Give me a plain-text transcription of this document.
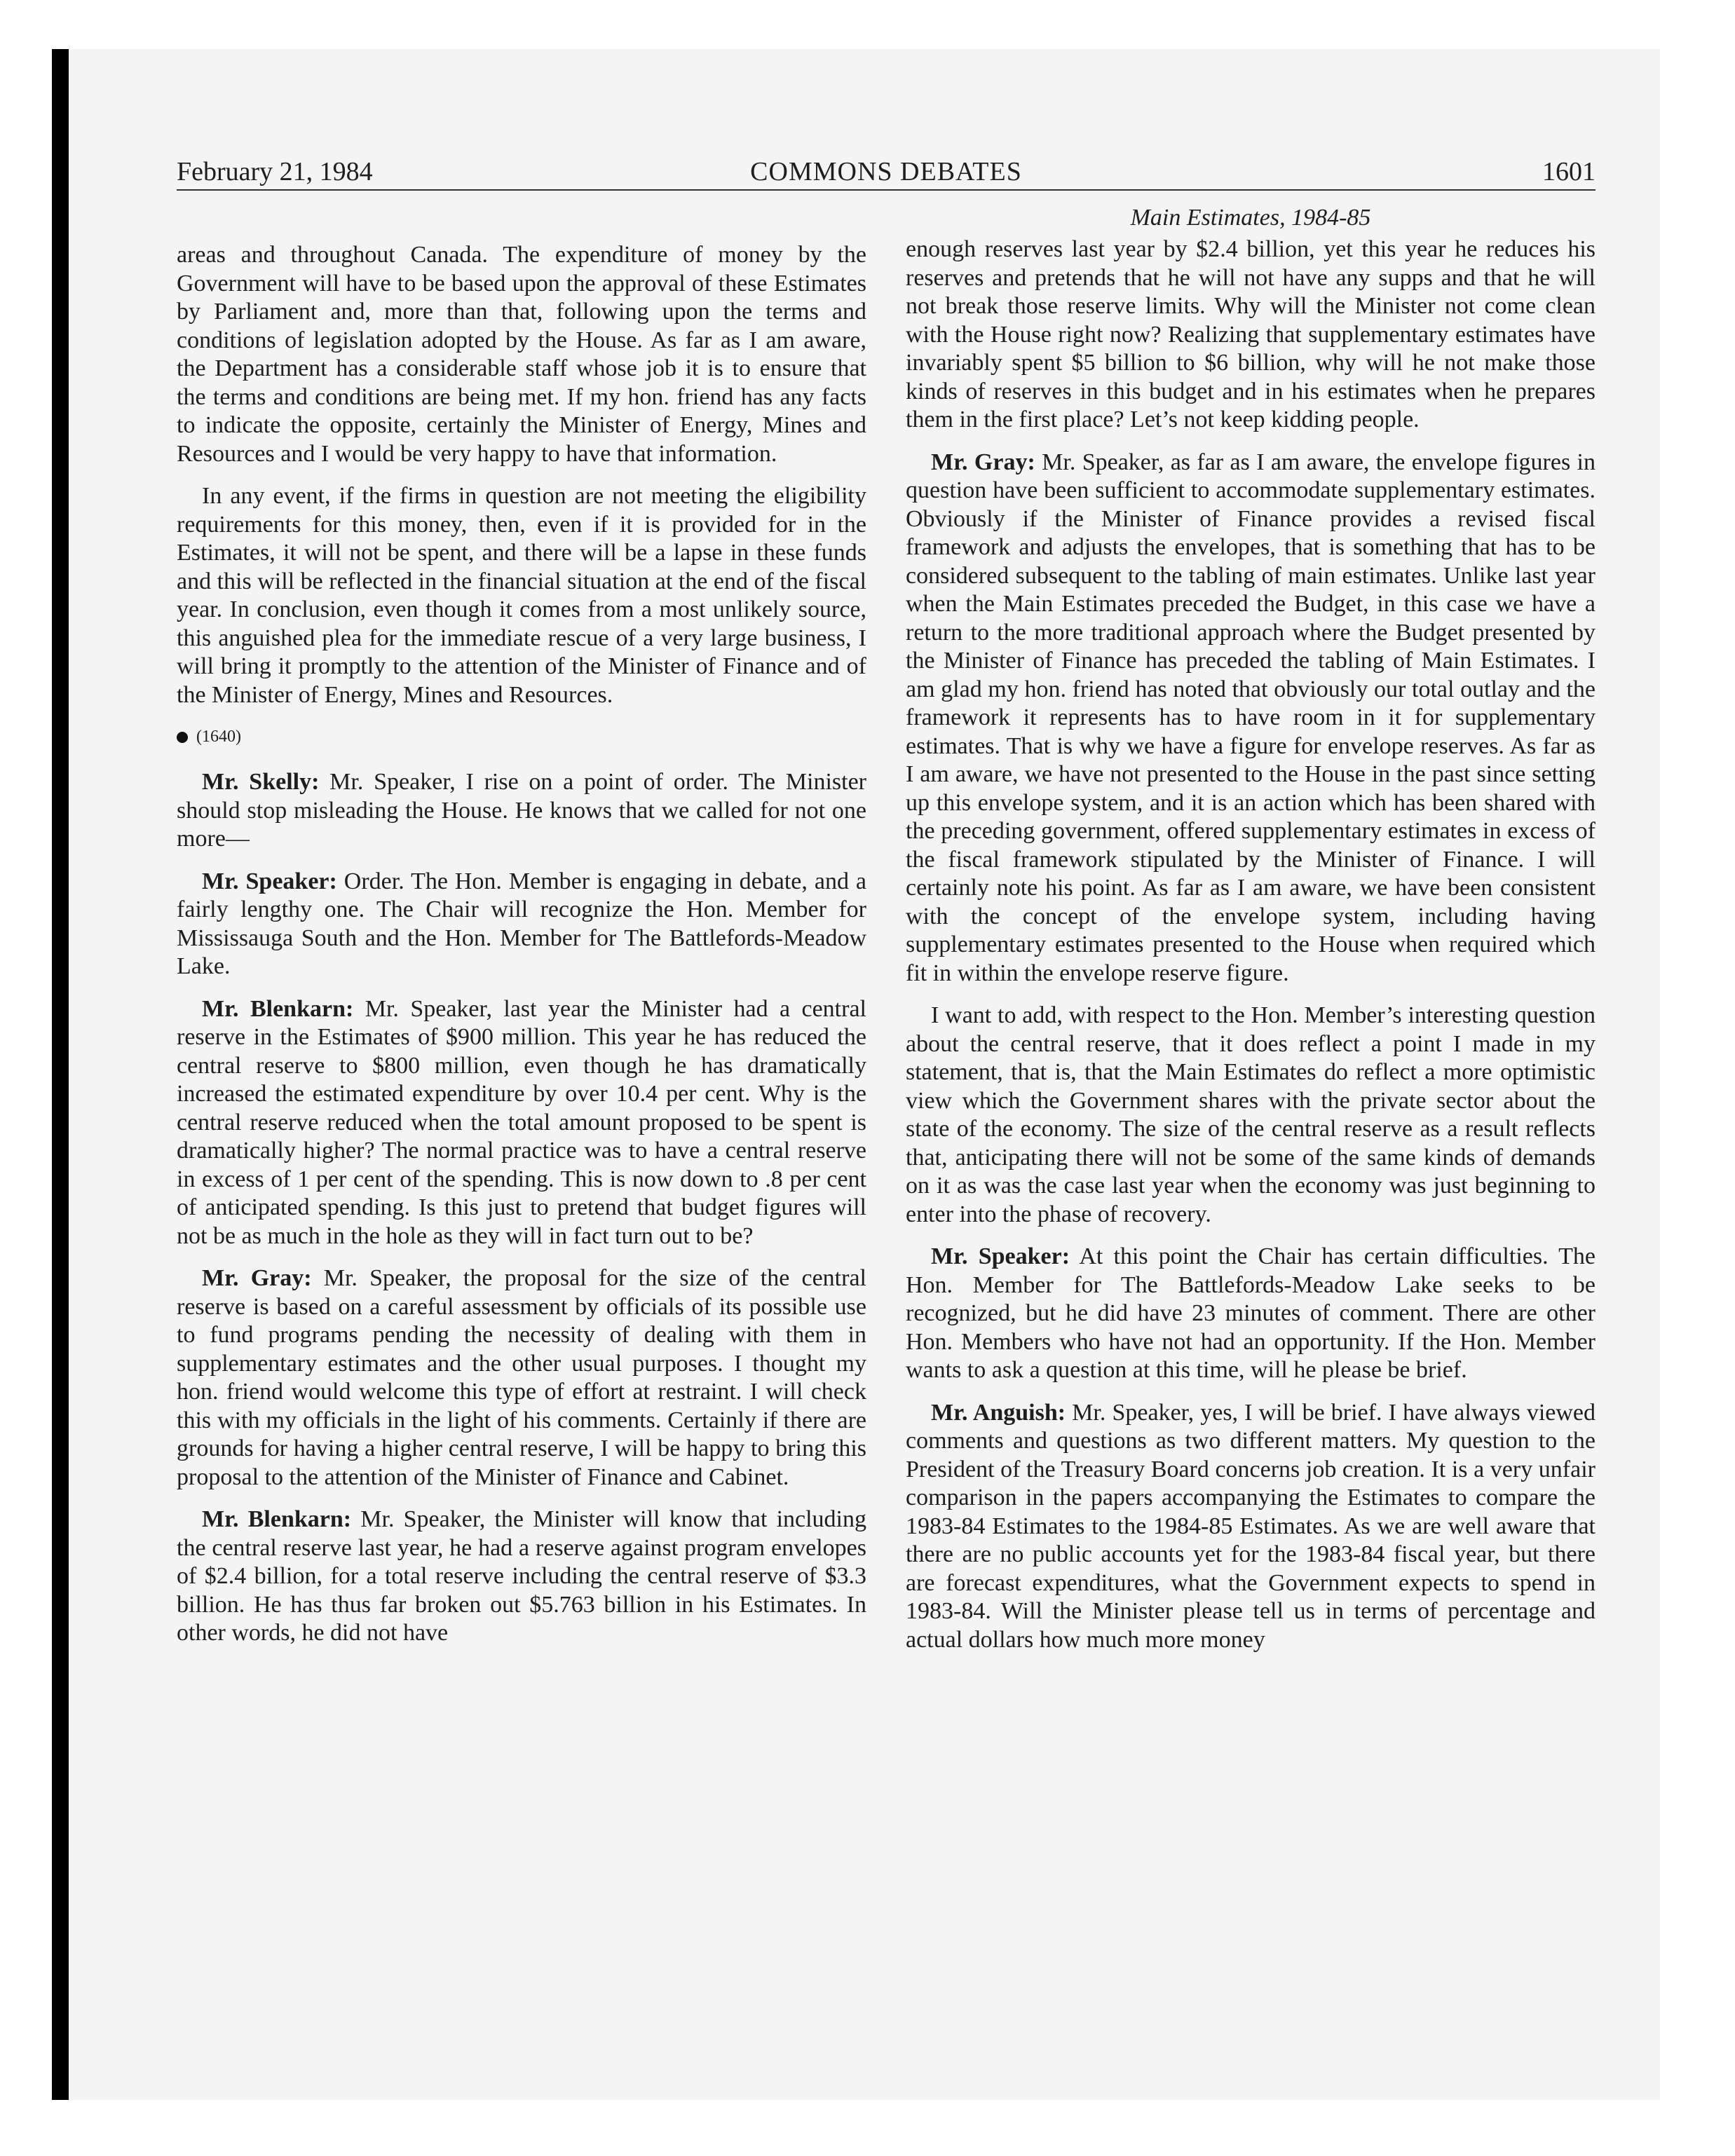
February 21, 1984	COMMONS DEBATES	1601

areas and throughout Canada. The expenditure of money by the Government will have to be based upon the approval of these Estimates by Parliament and, more than that, following upon the terms and conditions of legislation adopted by the House. As far as I am aware, the Department has a considerable staff whose job it is to ensure that the terms and conditions are being met. If my hon. friend has any facts to indicate the opposite, certainly the Minister of Energy, Mines and Resources and I would be very happy to have that information.

In any event, if the firms in question are not meeting the eligibility requirements for this money, then, even if it is provided for in the Estimates, it will not be spent, and there will be a lapse in these funds and this will be reflected in the financial situation at the end of the fiscal year. In conclusion, even though it comes from a most unlikely source, this anguished plea for the immediate rescue of a very large business, I will bring it promptly to the attention of the Minister of Finance and of the Minister of Energy, Mines and Resources.

(1640)

Mr. Skelly: Mr. Speaker, I rise on a point of order. The Minister should stop misleading the House. He knows that we called for not one more—

Mr. Speaker: Order. The Hon. Member is engaging in debate, and a fairly lengthy one. The Chair will recognize the Hon. Member for Mississauga South and the Hon. Member for The Battlefords-Meadow Lake.

Mr. Blenkarn: Mr. Speaker, last year the Minister had a central reserve in the Estimates of $900 million. This year he has reduced the central reserve to $800 million, even though he has dramatically increased the estimated expenditure by over 10.4 per cent. Why is the central reserve reduced when the total amount proposed to be spent is dramatically higher? The normal practice was to have a central reserve in excess of 1 per cent of the spending. This is now down to .8 per cent of anticipated spending. Is this just to pretend that budget figures will not be as much in the hole as they will in fact turn out to be?

Mr. Gray: Mr. Speaker, the proposal for the size of the central reserve is based on a careful assessment by officials of its possible use to fund programs pending the necessity of dealing with them in supplementary estimates and the other usual purposes. I thought my hon. friend would welcome this type of effort at restraint. I will check this with my officials in the light of his comments. Certainly if there are grounds for having a higher central reserve, I will be happy to bring this proposal to the attention of the Minister of Finance and Cabinet.

Mr. Blenkarn: Mr. Speaker, the Minister will know that including the central reserve last year, he had a reserve against program envelopes of $2.4 billion, for a total reserve including the central reserve of $3.3 billion. He has thus far broken out $5.763 billion in his Estimates. In other words, he did not have

Main Estimates, 1984-85

enough reserves last year by $2.4 billion, yet this year he reduces his reserves and pretends that he will not have any supps and that he will not break those reserve limits. Why will the Minister not come clean with the House right now? Realizing that supplementary estimates have invariably spent $5 billion to $6 billion, why will he not make those kinds of reserves in this budget and in his estimates when he prepares them in the first place? Let’s not keep kidding people.

Mr. Gray: Mr. Speaker, as far as I am aware, the envelope figures in question have been sufficient to accommodate supplementary estimates. Obviously if the Minister of Finance provides a revised fiscal framework and adjusts the envelopes, that is something that has to be considered subsequent to the tabling of main estimates. Unlike last year when the Main Estimates preceded the Budget, in this case we have a return to the more traditional approach where the Budget presented by the Minister of Finance has preceded the tabling of Main Estimates. I am glad my hon. friend has noted that obviously our total outlay and the framework it represents has to have room in it for supplementary estimates. That is why we have a figure for envelope reserves. As far as I am aware, we have not presented to the House in the past since setting up this envelope system, and it is an action which has been shared with the preceding government, offered supplementary estimates in excess of the fiscal framework stipulated by the Minister of Finance. I will certainly note his point. As far as I am aware, we have been consistent with the concept of the envelope system, including having supplementary estimates presented to the House when required which fit in within the envelope reserve figure.

I want to add, with respect to the Hon. Member’s interesting question about the central reserve, that it does reflect a point I made in my statement, that is, that the Main Estimates do reflect a more optimistic view which the Government shares with the private sector about the state of the economy. The size of the central reserve as a result reflects that, anticipating there will not be some of the same kinds of demands on it as was the case last year when the economy was just beginning to enter into the phase of recovery.

Mr. Speaker: At this point the Chair has certain difficulties. The Hon. Member for The Battlefords-Meadow Lake seeks to be recognized, but he did have 23 minutes of comment. There are other Hon. Members who have not had an opportunity. If the Hon. Member wants to ask a question at this time, will he please be brief.

Mr. Anguish: Mr. Speaker, yes, I will be brief. I have always viewed comments and questions as two different matters. My question to the President of the Treasury Board concerns job creation. It is a very unfair comparison in the papers accompanying the Estimates to compare the 1983-84 Estimates to the 1984-85 Estimates. As we are well aware that there are no public accounts yet for the 1983-84 fiscal year, but there are forecast expenditures, what the Government expects to spend in 1983-84. Will the Minister please tell us in terms of percentage and actual dollars how much more money
